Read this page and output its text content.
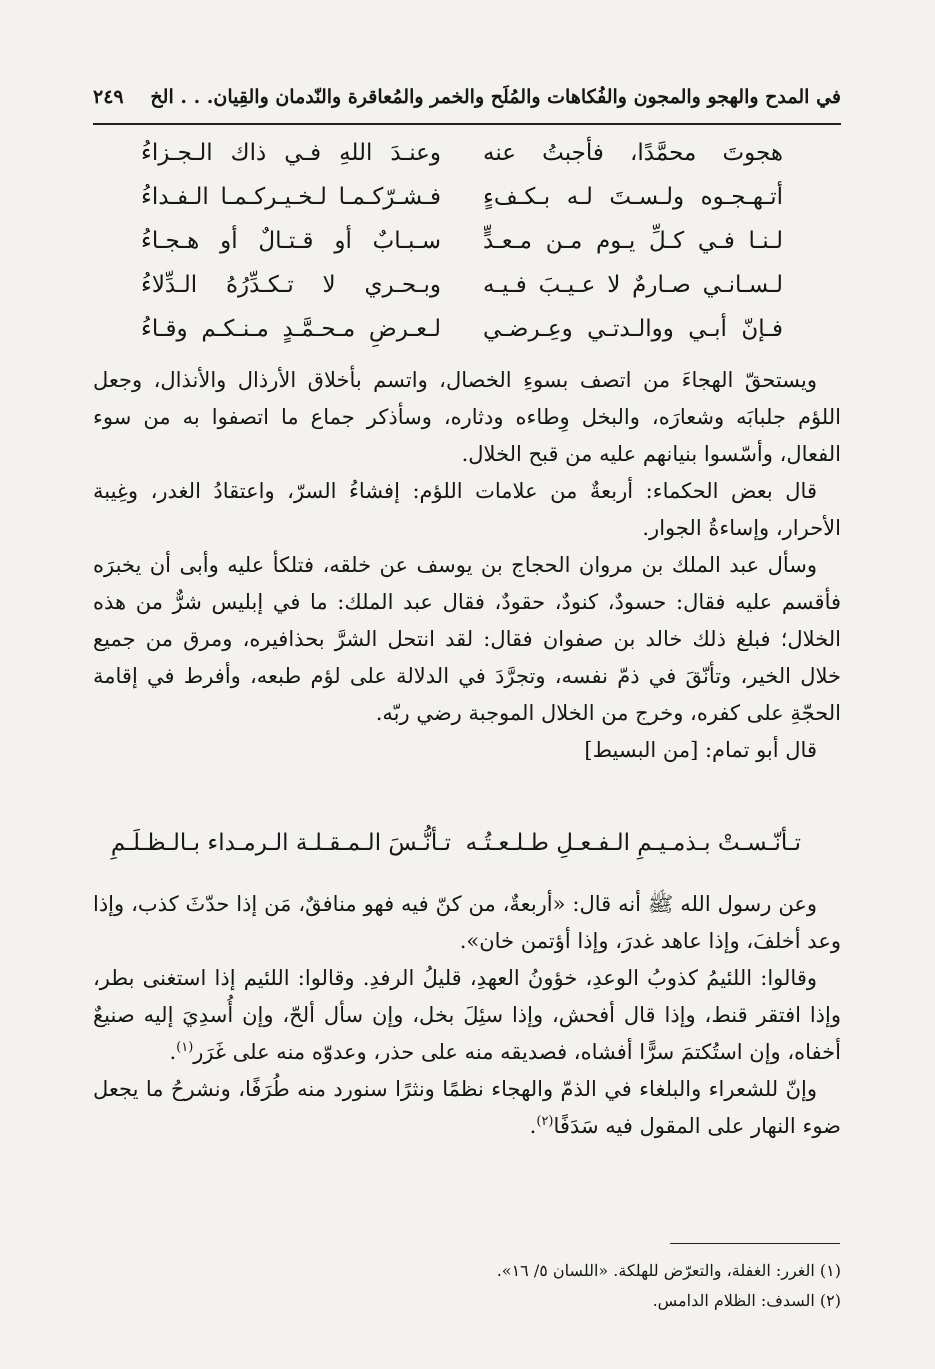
في المدح والهجو والمجون والفُكاهات والمُلَح والخمر والمُعاقرة والنّدمان والقِيان. . . الخ
٢٤٩
هجوتَ محمَّدًا، فأجبتُ عنه
وعنـدَ اللهِ فـي ذاك الـجـزاءُ
أتـهـجـوه ولـسـتَ لـه بـكـفءٍ
فـشـرّكـمـا لـخـيـركـمـا الـفـداءُ
لـنـا فـي كـلِّ يـوم مـن مـعـدٍّ
سـبـابٌ أو قـتـالٌ أو هـجـاءُ
لـسـانـي صـارمٌ لا عـيـبَ فـيـه
وبـحـري لا تـكـدِّرُهُ الـدِّلاءُ
فـإنّ أبـي ووالـدتـي وعِـرضـي
لـعـرضِ مـحـمَّـدٍ مـنـكـم وقـاءُ

ويستحقّ الهجاءَ من اتصف بسوءِ الخصال، واتسم بأخلاق الأرذال والأنذال، وجعل اللؤم جلبابَه وشعارَه، والبخل وِطاءه ودثاره، وسأذكر جماع ما اتصفوا به من سوء الفعال، وأسّسوا بنيانهم عليه من قبح الخلال.

قال بعض الحكماء: أربعةٌ من علامات اللؤم: إفشاءُ السرّ، واعتقادُ الغدر، وغِيبة الأحرار، وإساءةُ الجوار.

وسأل عبد الملك بن مروان الحجاج بن يوسف عن خلقه، فتلكأ عليه وأبى أن يخبرَه فأقسم عليه فقال: حسودٌ، كنودٌ، حقودٌ، فقال عبد الملك: ما في إبليس شرٌّ من هذه الخلال؛ فبلغ ذلك خالد بن صفوان فقال: لقد انتحل الشرَّ بحذافيره، ومرق من جميع خلال الخير، وتأنّقَ في ذمّ نفسه، وتجرَّدَ في الدلالة على لؤم طبعه، وأفرط في إقامة الحجّةِ على كفره، وخرج من الخلال الموجبة رضي ربّه.

قال أبو تمام: [من البسيط]

تـأنّـسـتْ بـذمـيـمِ الـفـعـلِ طـلـعـتُـه
تـأنُّـسَ الـمـقـلـة الـرمـداء بـالـظـلَـمِ

وعن رسول الله ﷺ أنه قال: «أربعةٌ، من كنّ فيه فهو منافقٌ، مَن إذا حدّثَ كذب، وإذا وعد أخلفَ، وإذا عاهد غدرَ، وإذا أؤتمن خان».

وقالوا: اللئيمُ كذوبُ الوعدِ، خؤونُ العهدِ، قليلُ الرفدِ. وقالوا: اللئيم إذا استغنى بطر، وإذا افتقر قنط، وإذا قال أفحش، وإذا سئِلَ بخل، وإن سأل ألحّ، وإن أُسدِيَ إليه صنيعٌ أخفاه، وإن استُكتمَ سرًّا أفشاه، فصديقه منه على حذر، وعدوّه منه على غَرَر$^{(١)}$.

وإنّ للشعراء والبلغاء في الذمّ والهجاء نظمًا ونثرًا سنورد منه طُرَفًا، ونشرحُ ما يجعل ضوء النهار على المقول فيه سَدَفًا$^{(٢)}$.

(١) الغرر: الغفلة، والتعرّض للهلكة. «اللسان ٥/ ١٦».
(٢) السدف: الظلام الدامس.
